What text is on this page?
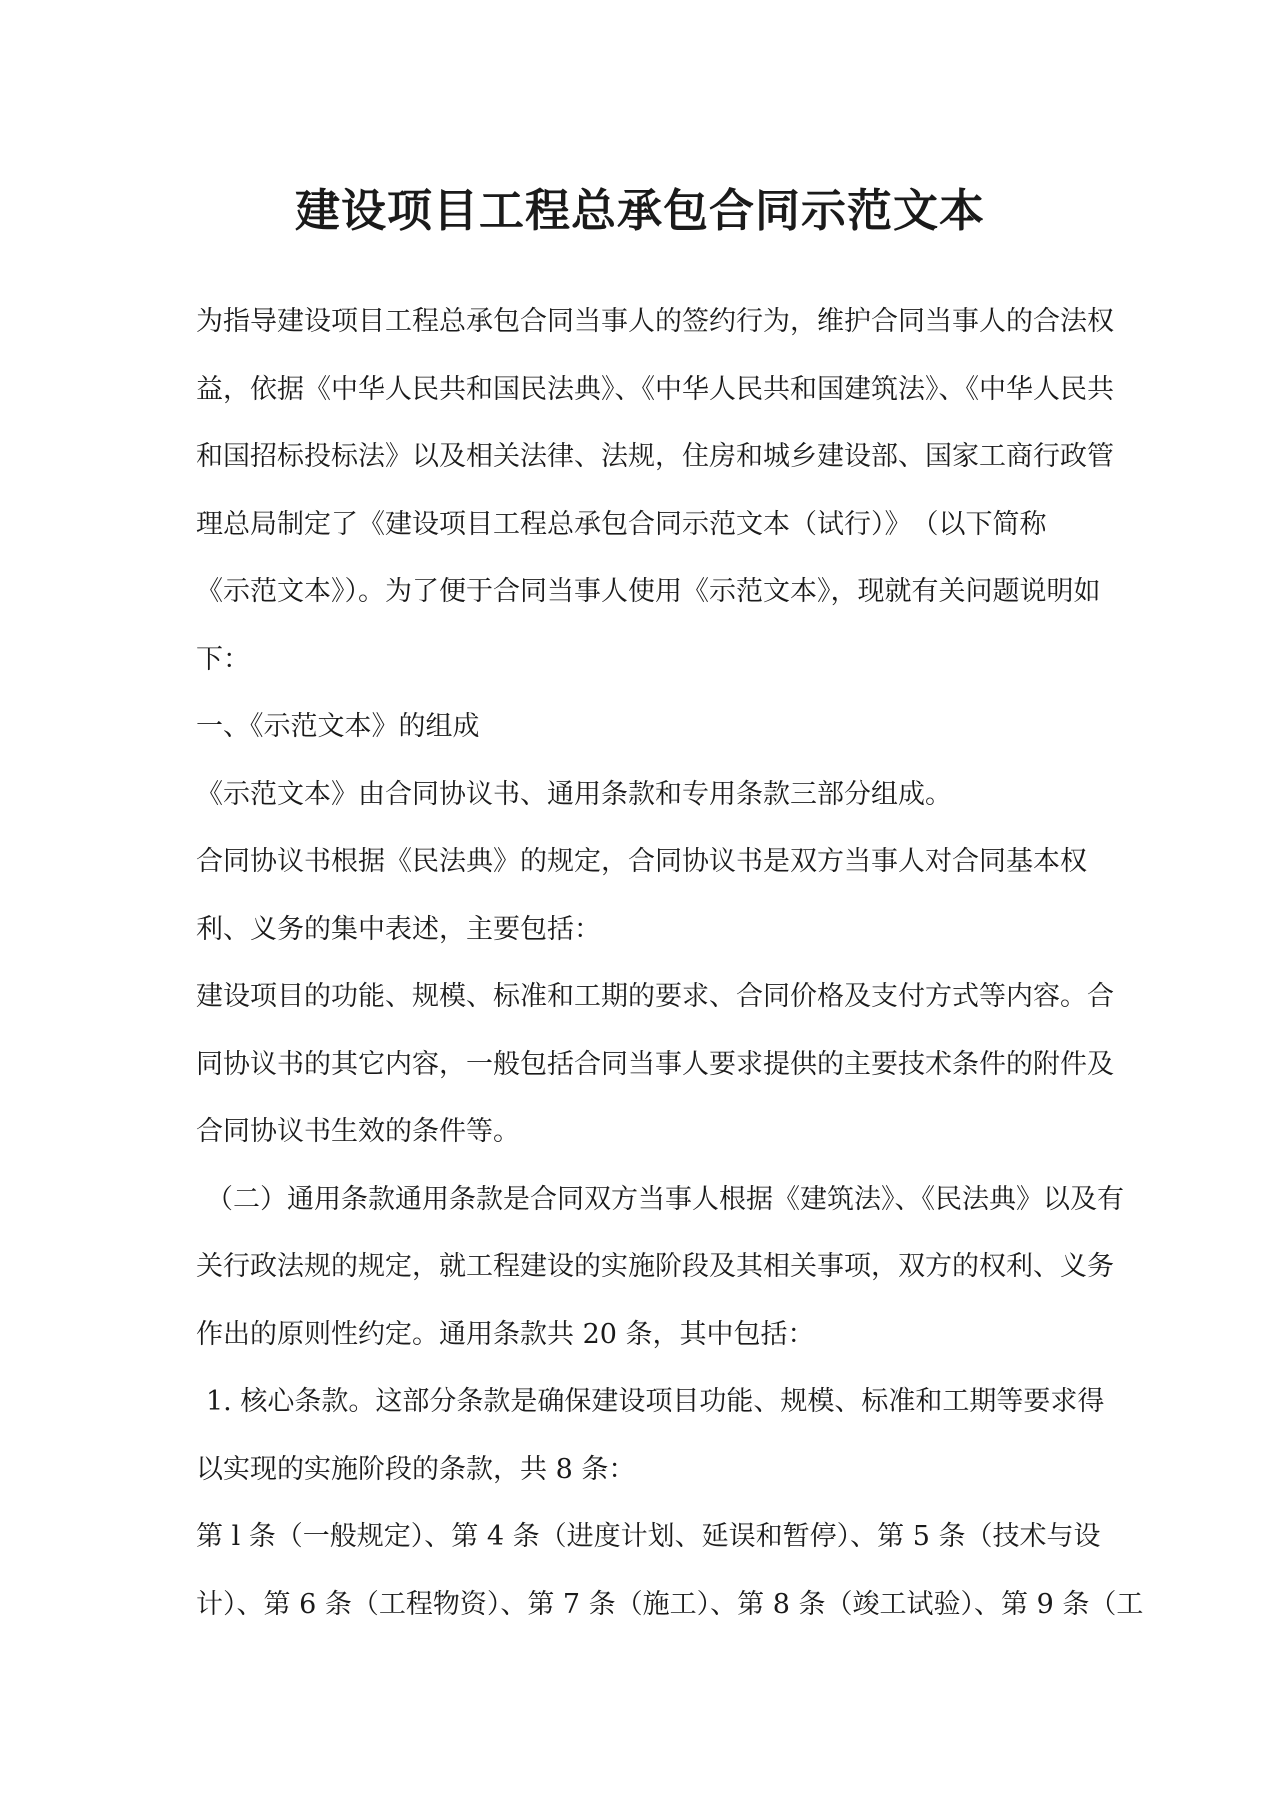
建设项目工程总承包合同示范文本
为指导建设项目工程总承包合同当事人的签约行为，维护合同当事人的合法权
益，依据《中华人民共和国民法典》、《中华人民共和国建筑法》、《中华人民共
和国招标投标法》以及相关法律、法规，住房和城乡建设部、国家工商行政管
理总局制定了《建设项目工程总承包合同示范文本（试行）》　（以下简称
《示范文本》）。为了便于合同当事人使用《示范文本》，现就有关问题说明如
下：
一、《示范文本》的组成
《示范文本》由合同协议书、通用条款和专用条款三部分组成。
合同协议书根据《民法典》的规定，合同协议书是双方当事人对合同基本权
利、义务的集中表述，主要包括：
建设项目的功能、规模、标准和工期的要求、合同价格及支付方式等内容。合
同协议书的其它内容，一般包括合同当事人要求提供的主要技术条件的附件及
合同协议书生效的条件等。
（二）通用条款通用条款是合同双方当事人根据《建筑法》、《民法典》以及有
关行政法规的规定，就工程建设的实施阶段及其相关事项，双方的权利、义务
作出的原则性约定。通用条款共 20 条，其中包括：
1. 核心条款。这部分条款是确保建设项目功能、规模、标准和工期等要求得
以实现的实施阶段的条款，共 8 条：
第 l 条（一般规定）、第 4 条（进度计划、延误和暂停）、第 5 条（技术与设
计）、第 6 条（工程物资）、第 7 条（施工）、第 8 条（竣工试验）、第 9 条（工
